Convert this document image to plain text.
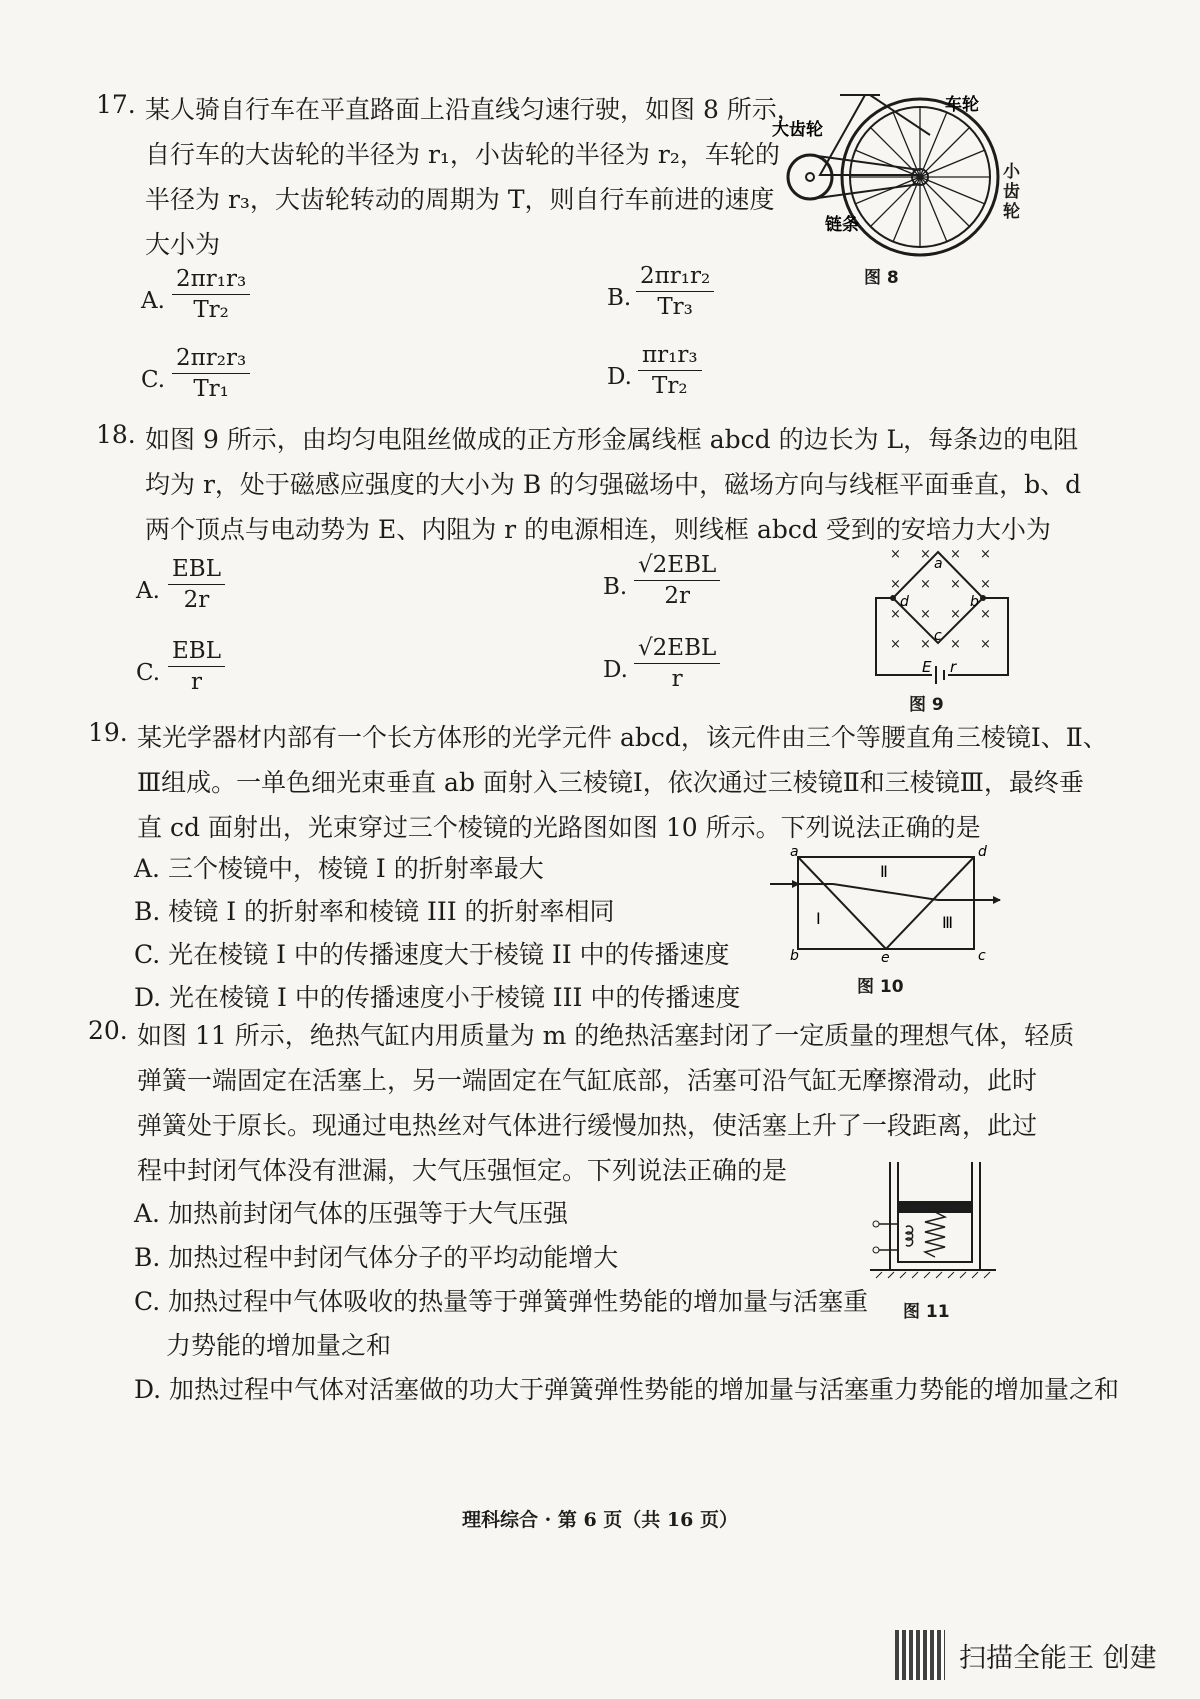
17. 某人骑自行车在平直路面上沿直线匀速行驶，如图 8 所示，
自行车的大齿轮的半径为 r₁，小齿轮的半径为 r₂，车轮的
半径为 r₃，大齿轮转动的周期为 T，则自行车前进的速度
大小为
A. $\frac{\text{2πr₁r₃}}{\text{Tr₂}}$	B. $\frac{\text{2πr₁r₂}}{\text{Tr₃}}$
C. $\frac{\text{2πr₂r₃}}{\text{Tr₁}}$	D. $\frac{\text{πr₁r₃}}{\text{Tr₂}}$
大齿轮
车轮
链条
小齿轮
图 8
18. 如图 9 所示，由均匀电阻丝做成的正方形金属线框 abcd 的边长为 L，每条边的电阻
均为 r，处于磁感应强度的大小为 B 的匀强磁场中，磁场方向与线框平面垂直，b、d
两个顶点与电动势为 E、内阻为 r 的电源相连，则线框 abcd 受到的安培力大小为
A.
EBL
2r	B.
√2EBL
2r
C.
EBL
r	D.
√2EBL
r
× × × ×
× × × ×
× × × ×
× × × ×
a
b
c
d
E r
图 9
19. 某光学器材内部有一个长方体形的光学元件 abcd，该元件由三个等腰直角三棱镜Ⅰ、Ⅱ、
Ⅲ组成。一单色细光束垂直 ab 面射入三棱镜Ⅰ，依次通过三棱镜Ⅱ和三棱镜Ⅲ，最终垂
直 cd 面射出，光束穿过三个棱镜的光路图如图 10 所示。下列说法正确的是
A. 三个棱镜中，棱镜 I 的折射率最大
B. 棱镜 I 的折射率和棱镜 III 的折射率相同
C. 光在棱镜 I 中的传播速度大于棱镜 II 中的传播速度
D. 光在棱镜 I 中的传播速度小于棱镜 III 中的传播速度
a
b	c
d
e
Ⅰ
Ⅱ
Ⅲ
图 10
20. 如图 11 所示，绝热气缸内用质量为 m 的绝热活塞封闭了一定质量的理想气体，轻质
弹簧一端固定在活塞上，另一端固定在气缸底部，活塞可沿气缸无摩擦滑动，此时
弹簧处于原长。现通过电热丝对气体进行缓慢加热，使活塞上升了一段距离，此过
程中封闭气体没有泄漏，大气压强恒定。下列说法正确的是
A. 加热前封闭气体的压强等于大气压强
B. 加热过程中封闭气体分子的平均动能增大
C. 加热过程中气体吸收的热量等于弹簧弹性势能的增加量与活塞重
力势能的增加量之和
D. 加热过程中气体对活塞做的功大于弹簧弹性势能的增加量与活塞重力势能的增加量之和
图 11
理科综合 · 第 6 页（共 16 页）
扫描全能王 创建
